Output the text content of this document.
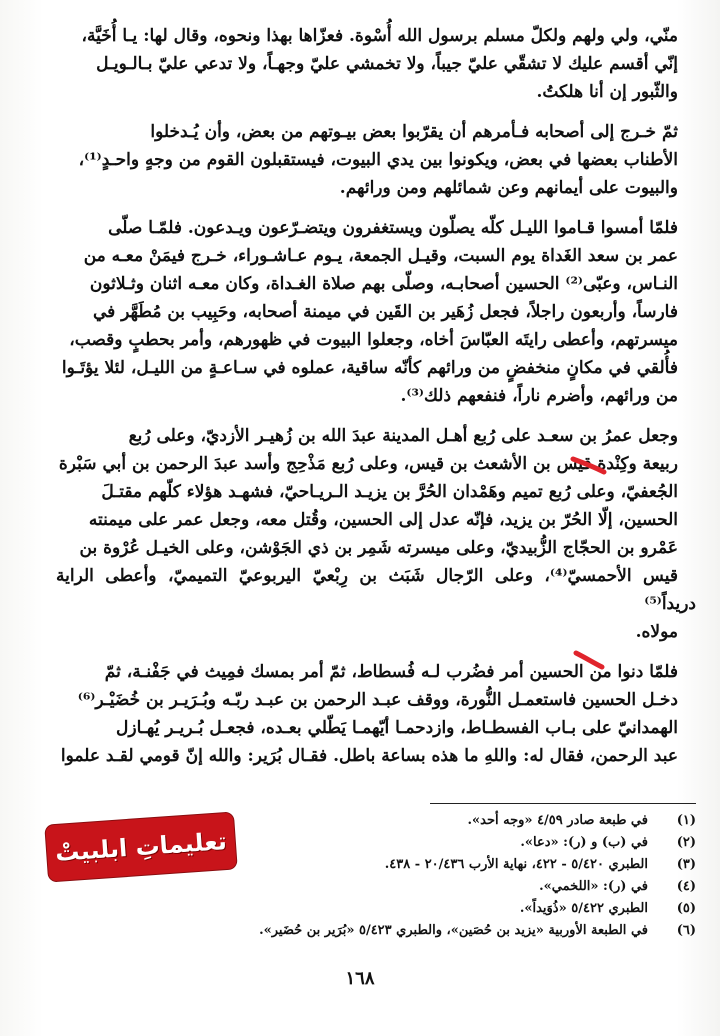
منّي، ولي ولهم ولكلّ مسلم برسول الله أُسْوة. فعزّاها بهذا ونحوه، وقال لها: يـا أُخَيَّة،

إنّي أقسم عليك لا تشقّي عليّ جيباً، ولا تخمشي عليّ وجهـاً، ولا تدعي عليّ بـالـويـل

والثّبور إن أنا هلكتُ.

ثمّ خـرج إلى أصحابه فـأمرهم أن يقرّبوا بعض بيـوتهم من بعض، وأن يُـدخلوا

الأطناب بعضها في بعض، ويكونوا بين يدي البيوت، فيستقبلون القوم من وجهٍ واحـدٍ⁽¹⁾،

والبيوت على أيمانهم وعن شمائلهم ومن ورائهم.

فلمّا أمسوا قـاموا الليـل كلّه يصلّون ويستغفرون ويتضـرّعون ويـدعون. فلمّـا صلّى

عمر بن سعد الغَداة يوم السبت، وقيـل الجمعة، يـوم عـاشـوراء، خـرج فيمَنْ معـه من

النـاس، وعبّى⁽²⁾ الحسين أصحابـه، وصلّى بهم صلاة الغـداة، وكان معـه اثنان وثـلاثون

فارساً، وأربعون راجلاً، فجعل زُهَير بن القَين في ميمنة أصحابه، وحَبِيب بن مُطَهَّر في

ميسرتهم، وأعطى رايتَه العبّاسَ أخاه، وجعلوا البيوت في ظهورهم، وأمر بحطبٍ وقصب،

فأُلقي في مكانٍ منخفضٍ من ورائهم كأنّه ساقية، عملوه في سـاعـةٍ من الليـل، لئلا يؤتَـوا

من ورائهم، وأضرم ناراً، فنفعهم ذلك⁽³⁾.

وجعل عمرُ بن سعـد على رُبع أهـل المدينة عبدَ الله بن زُهيـر الأزديّ، وعلى رُبع

ربيعة وكِنْدة قيس بن الأشعث بن قيس، وعلى رُبع مَذْحِج وأسد عبدَ الرحمن بن أبي سَبْرة

الجُعفيّ، وعلى رُبع تميم وهَمْدان الحُرَّ بن يزيـد الـريـاحيّ، فشهـد هؤلاء كلّهم مقتـلَ

الحسين، إلّا الحُرّ بن يزيد، فإنّه عدل إلى الحسين، وقُتل معه، وجعل عمر على ميمنته

عَمْرو بن الحجّاج الزُّبيديّ، وعلى ميسرته شَمِر بن ذي الجَوْشن، وعلى الخيـل عُرْوة بن

قيس الأحمسيّ⁽⁴⁾، وعلى الرّجال شَبَث بن رِبْعيّ اليربوعيّ التميميّ، وأعطى الراية دريداً⁽⁵⁾

مولاه.

فلمّا دنوا من الحسين أمر فضُرب لـه فُسطاط، ثمّ أمر بمسك فمِيث في جَفْنـة، ثمّ

دخـل الحسين فاستعمـل النُّورة، ووقف عبـد الرحمن بن عبـد ربّـه وبُـرَيـر بن خُضَيْـر⁽⁶⁾

الهمدانيّ على بـاب الفسطـاط، وازدحمـا أيّهمـا يَطّلي بعـده، فجعـل بُـريـر يُهـازل

عبد الرحمن، فقال له: واللهِ ما هذه بساعة باطل. فقـال بُرَير: والله إنّ قومي لقـد علموا

(١)
في طبعة صادر ٤/٥٩ «وجه أحد».
(٢)
في (ب) و (ر): «دعا».
(٣)
الطبري ٥/٤٢٠ - ٤٢٢، نهاية الأرب ٢٠/٤٣٦ - ٤٣٨.
(٤)
في (ر): «اللخمي».
(٥)
الطبري ٥/٤٢٢ «ذُوَيداً».
(٦)
في الطبعة الأوربية «يزيد بن حُصَين»، والطبري ٥/٤٢٣ «بُرَير بن حُضَير».
تعليماتِ ابلبيتْ
١٦٨
